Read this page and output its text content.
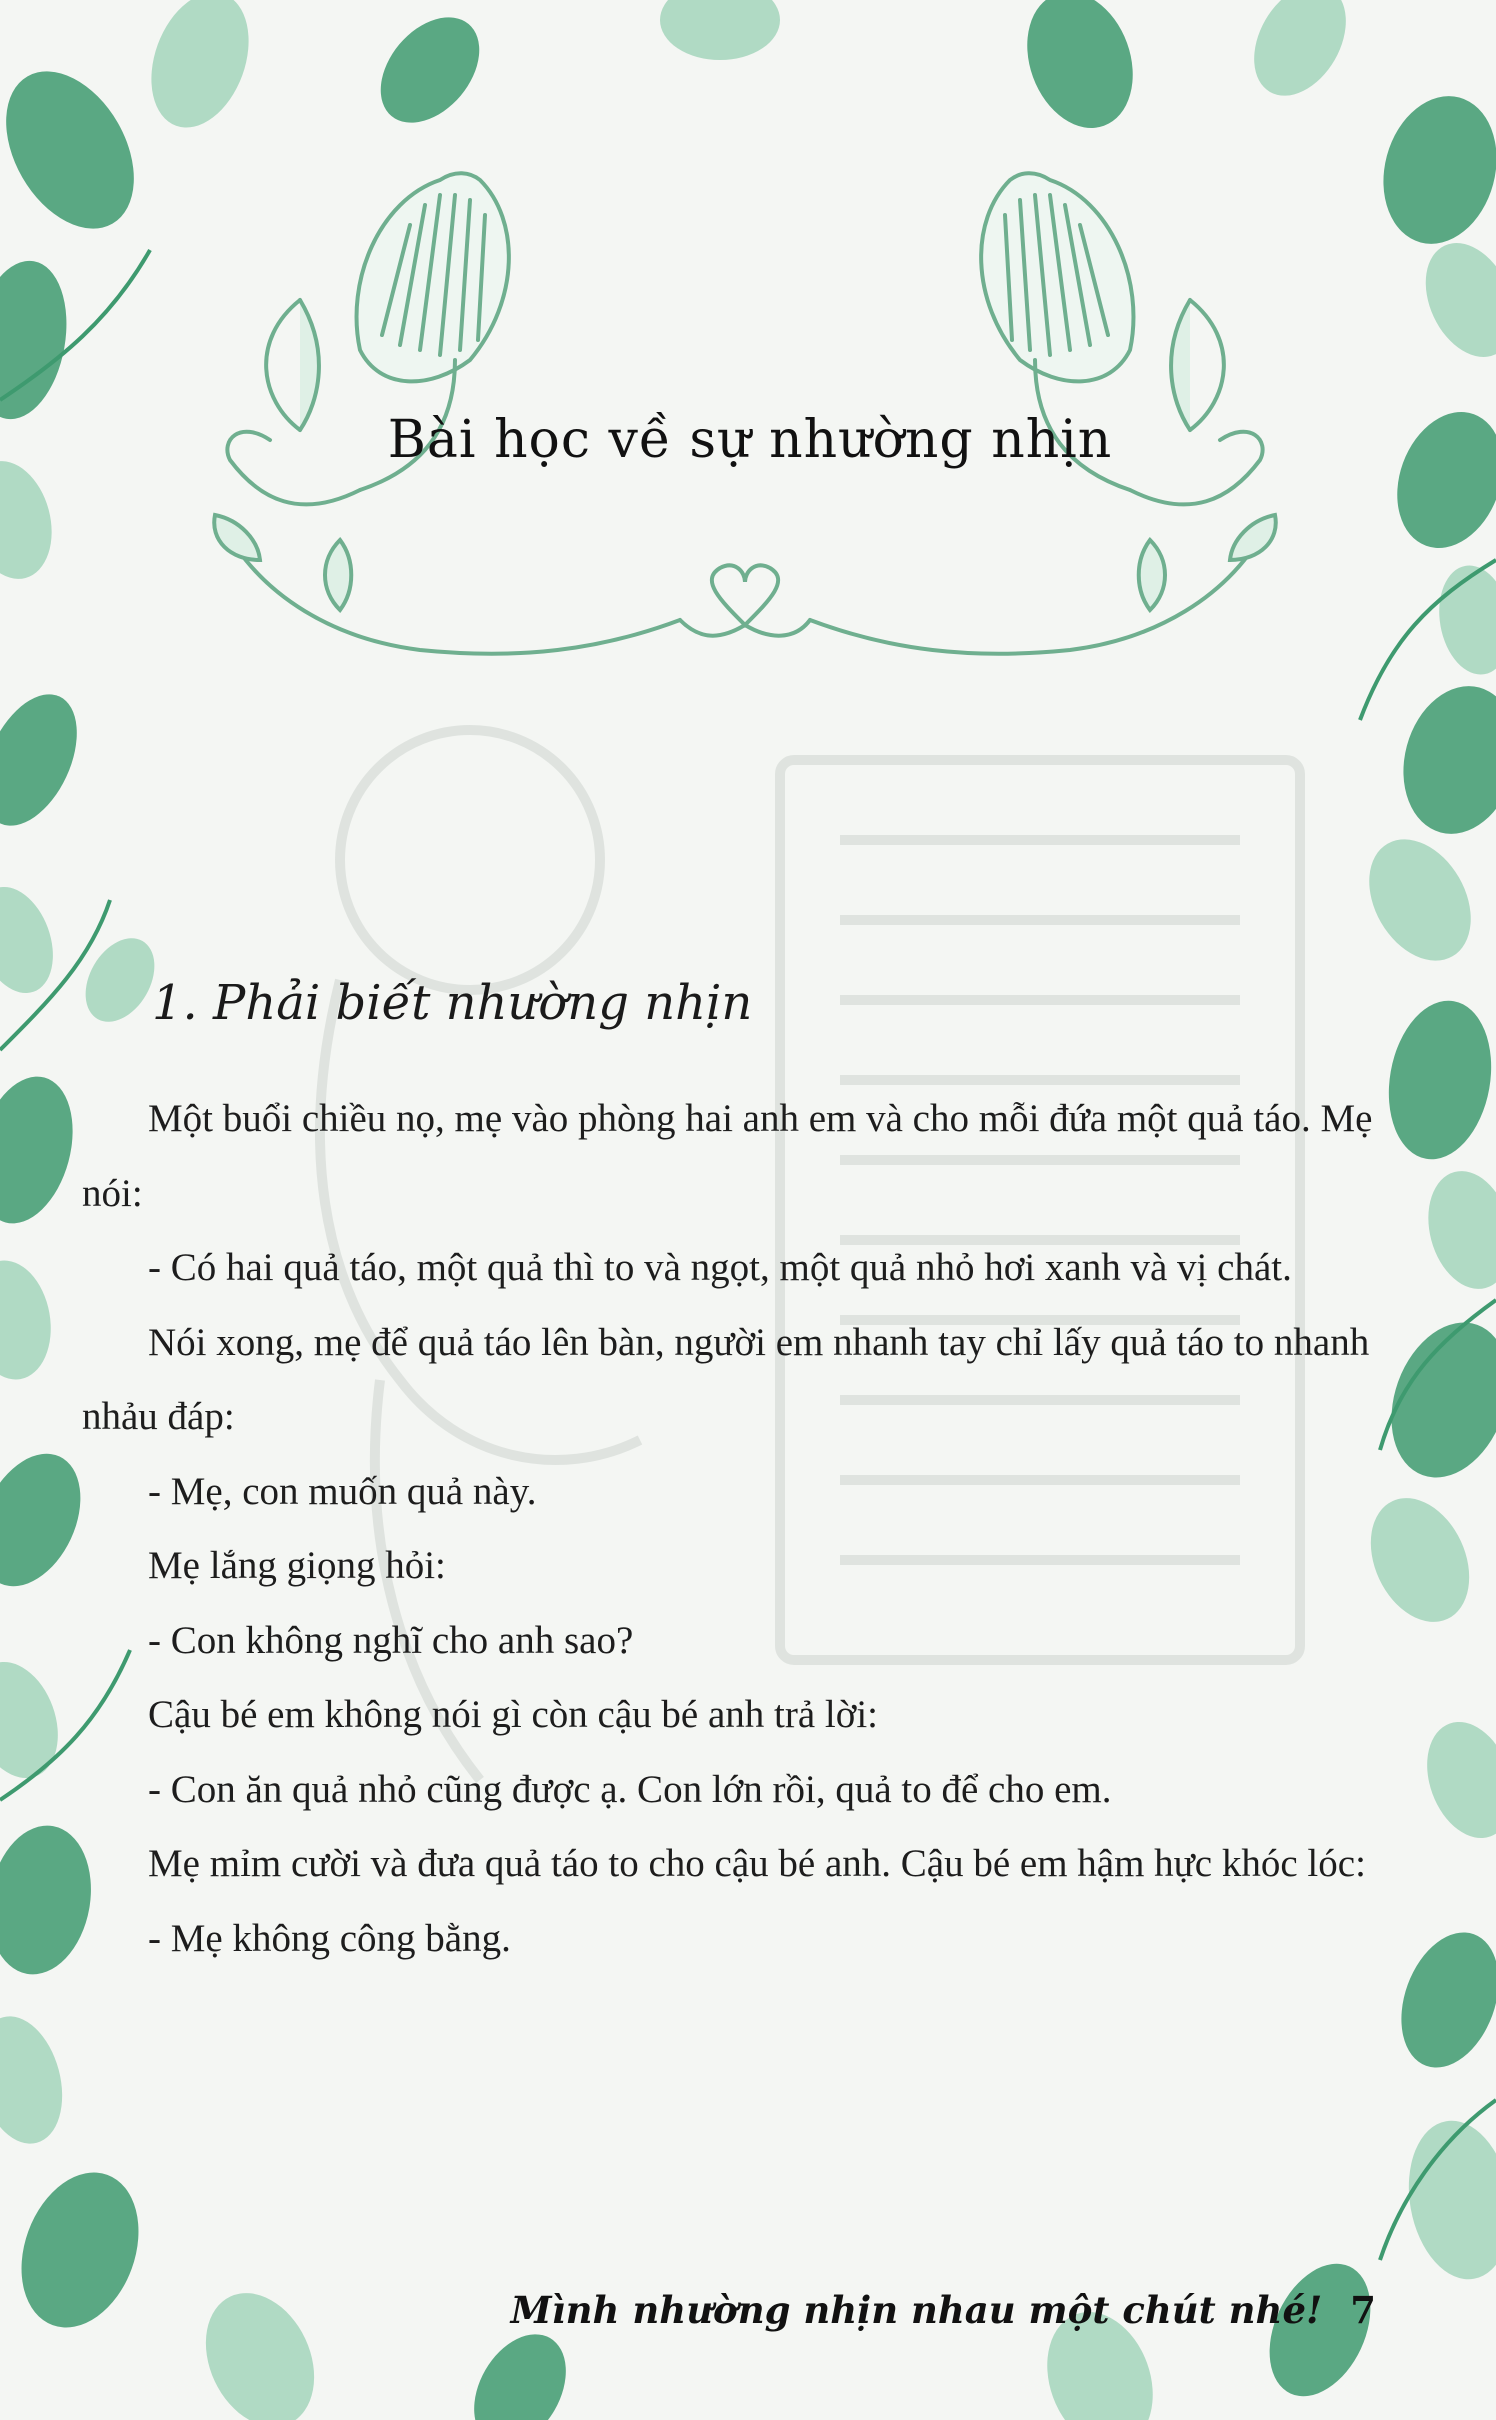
Bài học về sự nhường nhịn
1. Phải biết nhường nhịn

Một buổi chiều nọ, mẹ vào phòng hai anh em và cho mỗi đứa một quả táo. Mẹ nói:

- Có hai quả táo, một quả thì to và ngọt, một quả nhỏ hơi xanh và vị chát.

Nói xong, mẹ để quả táo lên bàn, người em nhanh tay chỉ lấy quả táo to nhanh nhảu đáp:

- Mẹ, con muốn quả này.

Mẹ lắng giọng hỏi:

- Con không nghĩ cho anh sao?

Cậu bé em không nói gì còn cậu bé anh trả lời:

- Con ăn quả nhỏ cũng được ạ. Con lớn rồi, quả to để cho em.

Mẹ mỉm cười và đưa quả táo to cho cậu bé anh. Cậu bé em hậm hực khóc lóc:

- Mẹ không công bằng.

Mình nhường nhịn nhau một chút nhé! 7
